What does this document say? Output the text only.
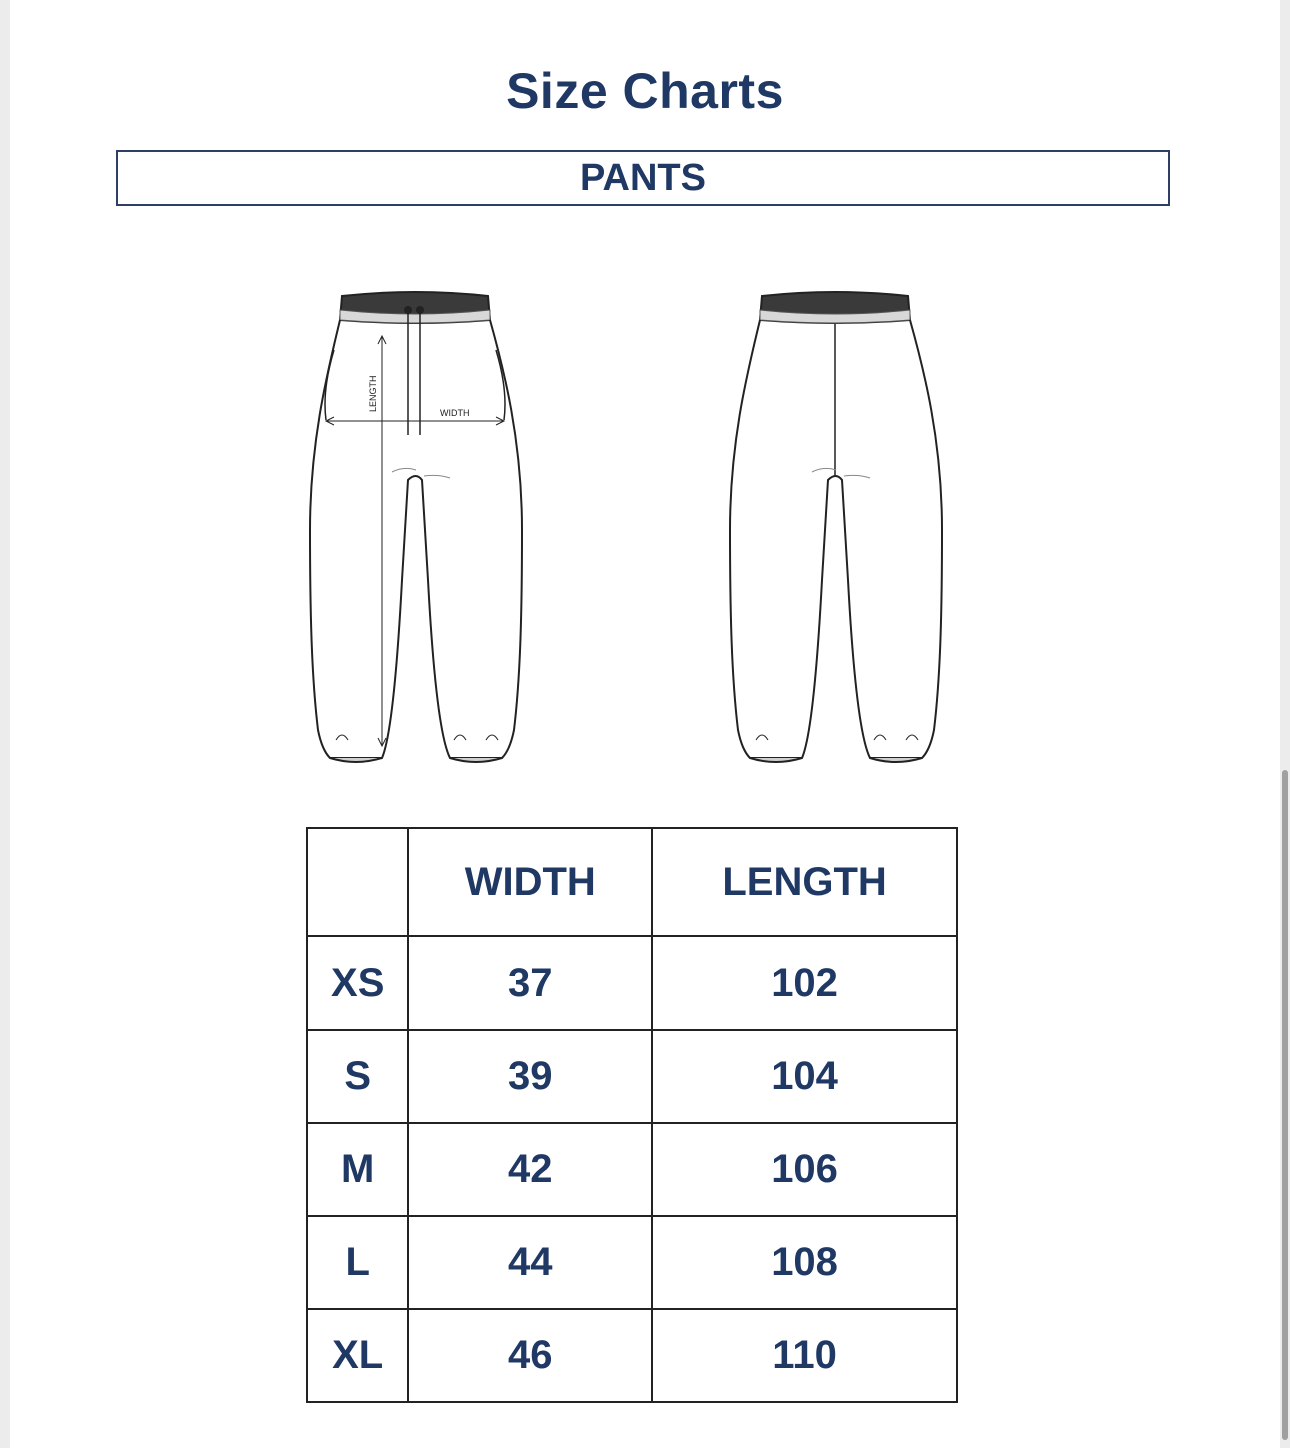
Size Charts
PANTS
LENGTH
WIDTH
	WIDTH	LENGTH
XS	37	102
S	39	104
M	42	106
L	44	108
XL	46	110
